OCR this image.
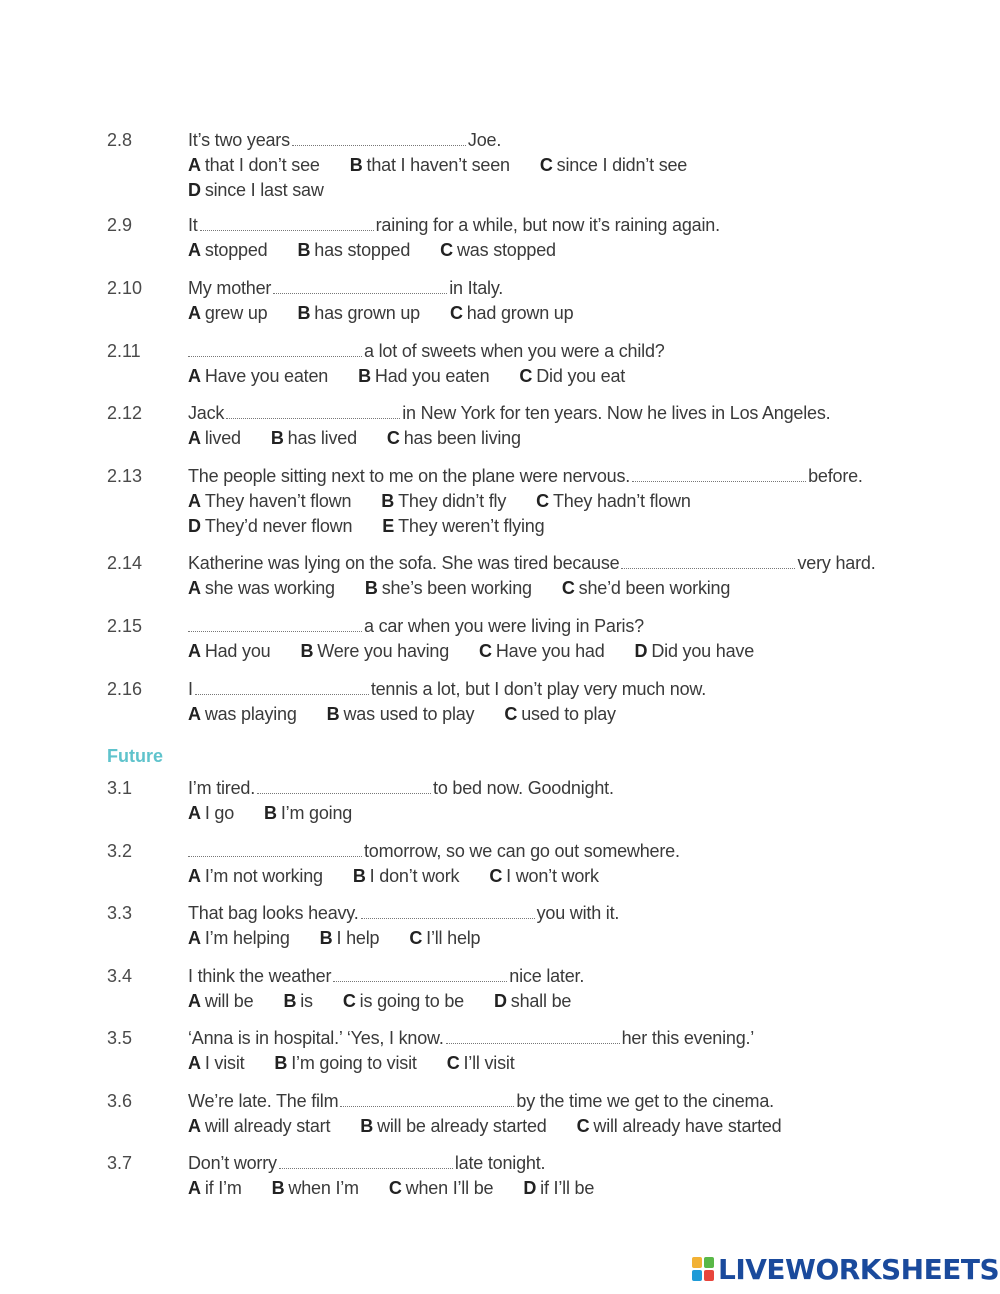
2.8	It’s two years	Joe.
A that I don’t see B that I haven’t seen C since I didn’t see
D since I last saw
2.9	It	raining for a while, but now it’s raining again.
A stopped B has stopped C was stopped
2.10	My mother	in Italy.
A grew up B has grown up C had grown up
2.11	a lot of sweets when you were a child?
A Have you eaten B Had you eaten C Did you eat
2.12	Jack	in New York for ten years. Now he lives in Los Angeles.
A lived B has lived C has been living
2.13	The people sitting next to me on the plane were nervous.	before.
A They haven’t flown B They didn’t fly C They hadn’t flown
D They’d never flown E They weren’t flying
2.14	Katherine was lying on the sofa. She was tired because	very hard.
A she was working B she’s been working C she’d been working
2.15	a car when you were living in Paris?
A Had you B Were you having C Have you had D Did you have
2.16	I	tennis a lot, but I don’t play very much now.
A was playing B was used to play C used to play
3.1	I’m tired.	to bed now. Goodnight.
A I go B I’m going
3.2	tomorrow, so we can go out somewhere.
A I’m not working B I don’t work C I won’t work
3.3	That bag looks heavy.	you with it.
A I’m helping B I help C I’ll help
3.4	I think the weather	nice later.
A will be B is C is going to be D shall be
3.5	‘Anna is in hospital.’ ‘Yes, I know.	her this evening.’
A I visit B I’m going to visit C I’ll visit
3.6	We’re late. The film	by the time we get to the cinema.
A will already start B will be already started C will already have started
3.7	Don’t worry	late tonight.
A if I’m B when I’m C when I’ll be D if I’ll be
Future
LIVEWORKSHEETS
